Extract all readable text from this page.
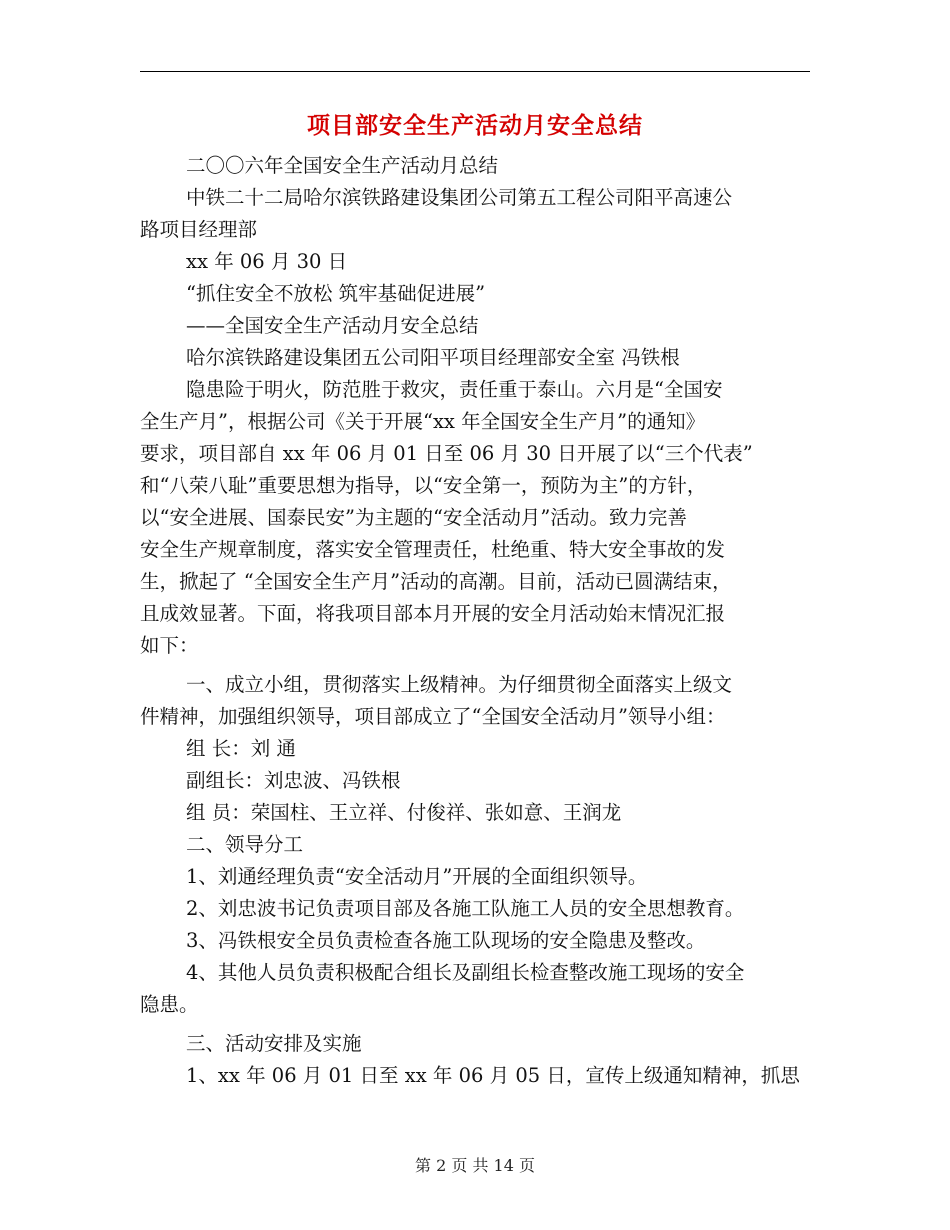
项目部安全生产活动月安全总结

二〇〇六年全国安全生产活动月总结

中铁二十二局哈尔滨铁路建设集团公司第五工程公司阳平高速公

路项目经理部

xx 年 06 月 30 日

“抓住安全不放松 筑牢基础促进展”

——全国安全生产活动月安全总结

哈尔滨铁路建设集团五公司阳平项目经理部安全室 冯铁根

隐患险于明火，防范胜于救灾，责任重于泰山。六月是“全国安

全生产月”，根据公司《关于开展“xx 年全国安全生产月”的通知》

要求，项目部自 xx 年 06 月 01 日至 06 月 30 日开展了以“三个代表”

和“八荣八耻”重要思想为指导，以“安全第一，预防为主”的方针，

以“安全进展、国泰民安”为主题的“安全活动月”活动。致力完善

安全生产规章制度，落实安全管理责任，杜绝重、特大安全事故的发

生，掀起了 “全国安全生产月”活动的高潮。目前，活动已圆满结束，

且成效显著。下面，将我项目部本月开展的安全月活动始末情况汇报

如下：

一、成立小组，贯彻落实上级精神。为仔细贯彻全面落实上级文

件精神，加强组织领导，项目部成立了“全国安全活动月”领导小组：

组 长：刘 通

副组长：刘忠波、冯铁根

组 员：荣国柱、王立祥、付俊祥、张如意、王润龙

二、领导分工

1、刘通经理负责“安全活动月”开展的全面组织领导。

2、刘忠波书记负责项目部及各施工队施工人员的安全思想教育。

3、冯铁根安全员负责检查各施工队现场的安全隐患及整改。

4、其他人员负责积极配合组长及副组长检查整改施工现场的安全

隐患。

三、活动安排及实施

1、xx 年 06 月 01 日至 xx 年 06 月 05 日，宣传上级通知精神，抓思

第 2 页 共 14 页
